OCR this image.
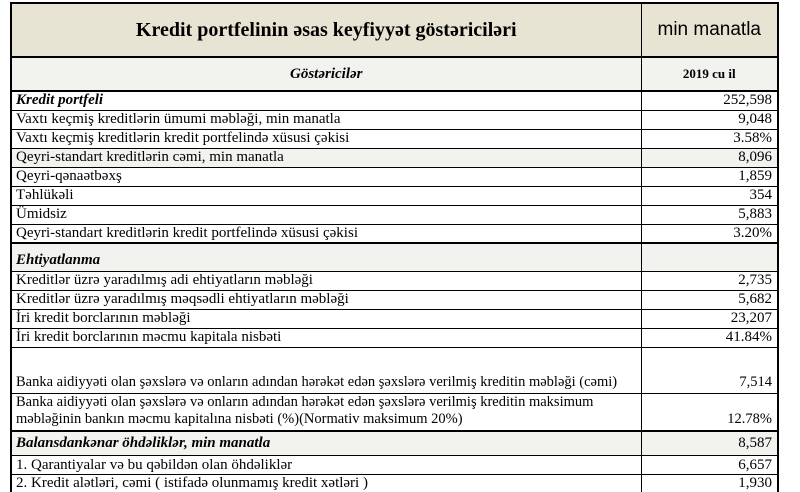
Kredit portfelinin əsas keyfiyyət göstəriciləri	min manatla
Göstəricilər	2019 cu il
Kredit portfeli	252,598
Vaxtı keçmiş kreditlərin ümumi məbləği, min manatla	9,048
Vaxtı keçmiş kreditlərin kredit portfelində xüsusi çəkisi	3.58%
Qeyri-standart kreditlərin cəmi, min manatla	8,096
Qeyri-qənaətbəxş	1,859
Təhlükəli	354
Ümidsiz	5,883
Qeyri-standart kreditlərin kredit portfelində xüsusi çəkisi	3.20%
Ehtiyatlanma	
Kreditlər üzrə yaradılmış adi ehtiyatların məbləği	2,735
Kreditlər üzrə yaradılmış məqsədli ehtiyatların məbləği	5,682
İri kredit borclarının məbləği	23,207
İri kredit borclarının məcmu kapitala nisbəti	41.84%
Banka aidiyyəti olan şəxslərə və onların adından hərəkət edən şəxslərə verilmiş kreditin məbləği (cəmi)	7,514
Banka aidiyyəti olan şəxslərə və onların adından hərəkət edən şəxslərə verilmiş kreditin maksimum məbləğinin bankın məcmu kapitalına nisbəti (%)(Normativ maksimum 20%)	12.78%
Balansdankənar öhdəliklər, min manatla	8,587
1. Qarantiyalar və bu qəbildən olan öhdəliklər	6,657
2. Kredit alətləri, cəmi ( istifadə olunmamış kredit xətləri )	1,930
